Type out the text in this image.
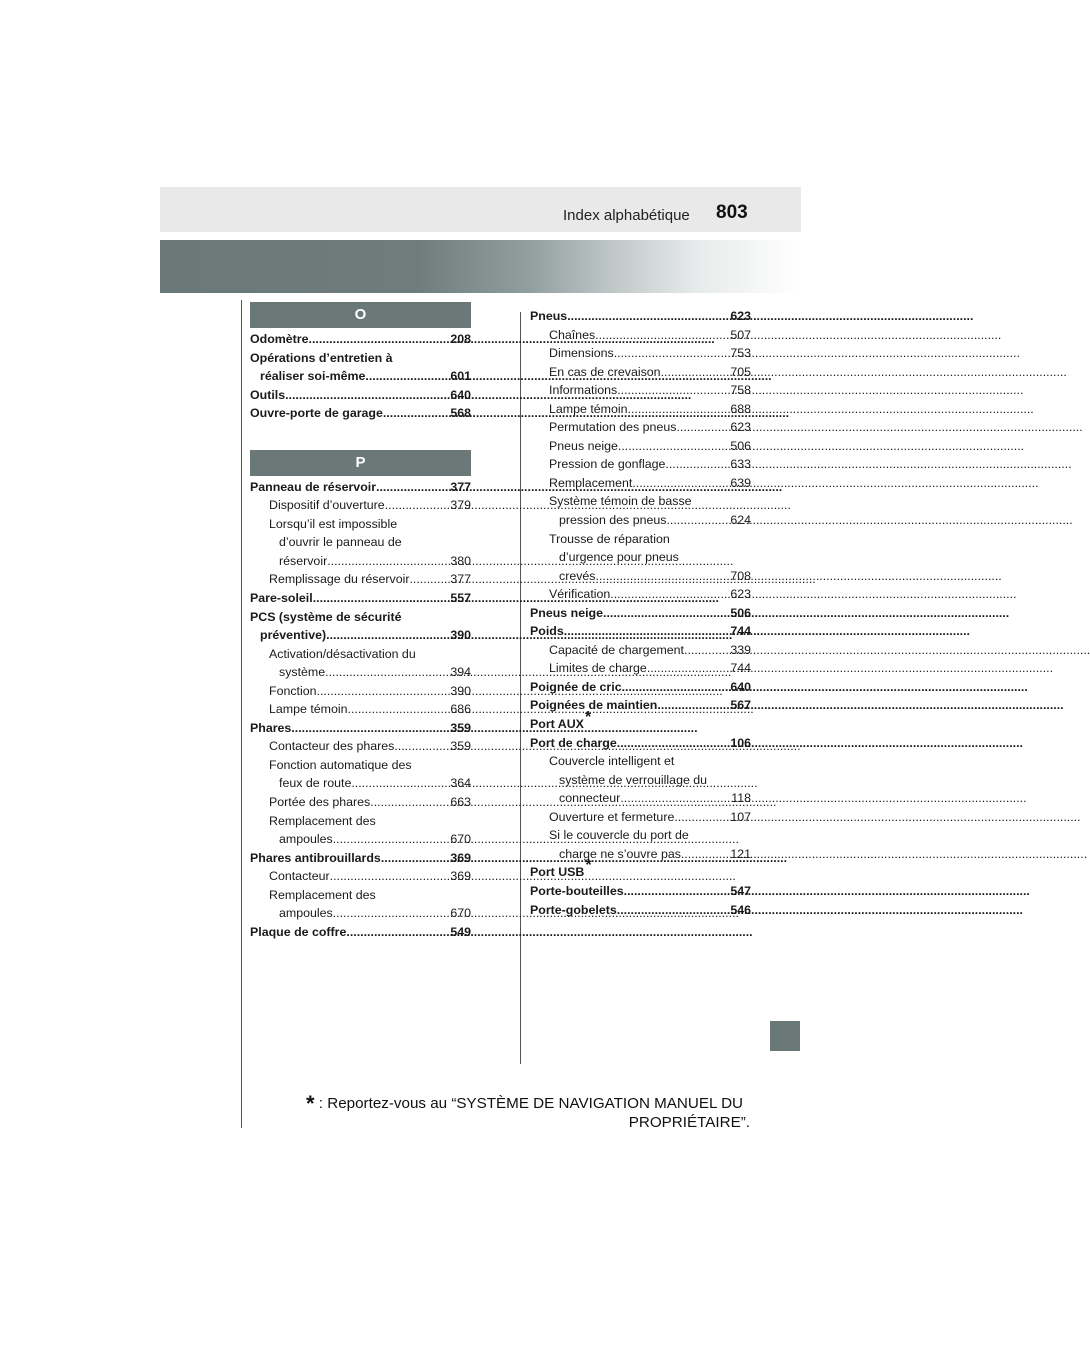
Index alphabétique 803
O
Odomètre .....	208
Opérations d’entretien à
réaliser soi-même .....	601
Outils .....	640
Ouvre-porte de garage .....	568
P
Panneau de réservoir .....	377
Dispositif d’ouverture .....	379
Lorsqu’il est impossible
d’ouvrir le panneau de
réservoir .....	380
Remplissage du réservoir .....	377
Pare-soleil .....	557
PCS (système de sécurité
préventive) .....	390
Activation/désactivation du
système .....	394
Fonction .....	390
Lampe témoin .....	686
Phares .....	359
Contacteur des phares .....	359
Fonction automatique des
feux de route .....	364
Portée des phares .....	663
Remplacement des
ampoules .....	670
Phares antibrouillards .....	369
Contacteur .....	369
Remplacement des
ampoules .....	670
Plaque de coffre .....	549
Pneus .....	623
Chaînes .....	507
Dimensions .....	753
En cas de crevaison .....	705
Informations .....	758
Lampe témoin .....	688
Permutation des pneus .....	623
Pneus neige .....	506
Pression de gonflage .....	633
Remplacement .....	639
Système témoin de basse
pression des pneus .....	624
Trousse de réparation
d’urgence pour pneus
crevés .....	708
Vérification .....	623
Pneus neige .....	506
Poids .....	744
Capacité de chargement .....	339
Limites de charge .....	744
Poignée de cric .....	640
Poignées de maintien .....	567
Port AUX *
Port de charge .....	106
Couvercle intelligent et
système de verrouillage du
connecteur .....	118
Ouverture et fermeture .....	107
Si le couvercle du port de
charge ne s’ouvre pas .....	121
Port USB *
Porte-bouteilles .....	547
Porte-gobelets .....	546
* : Reportez-vous au “SYSTÈME DE NAVIGATION MANUEL DU
PROPRIÉTAIRE”.
